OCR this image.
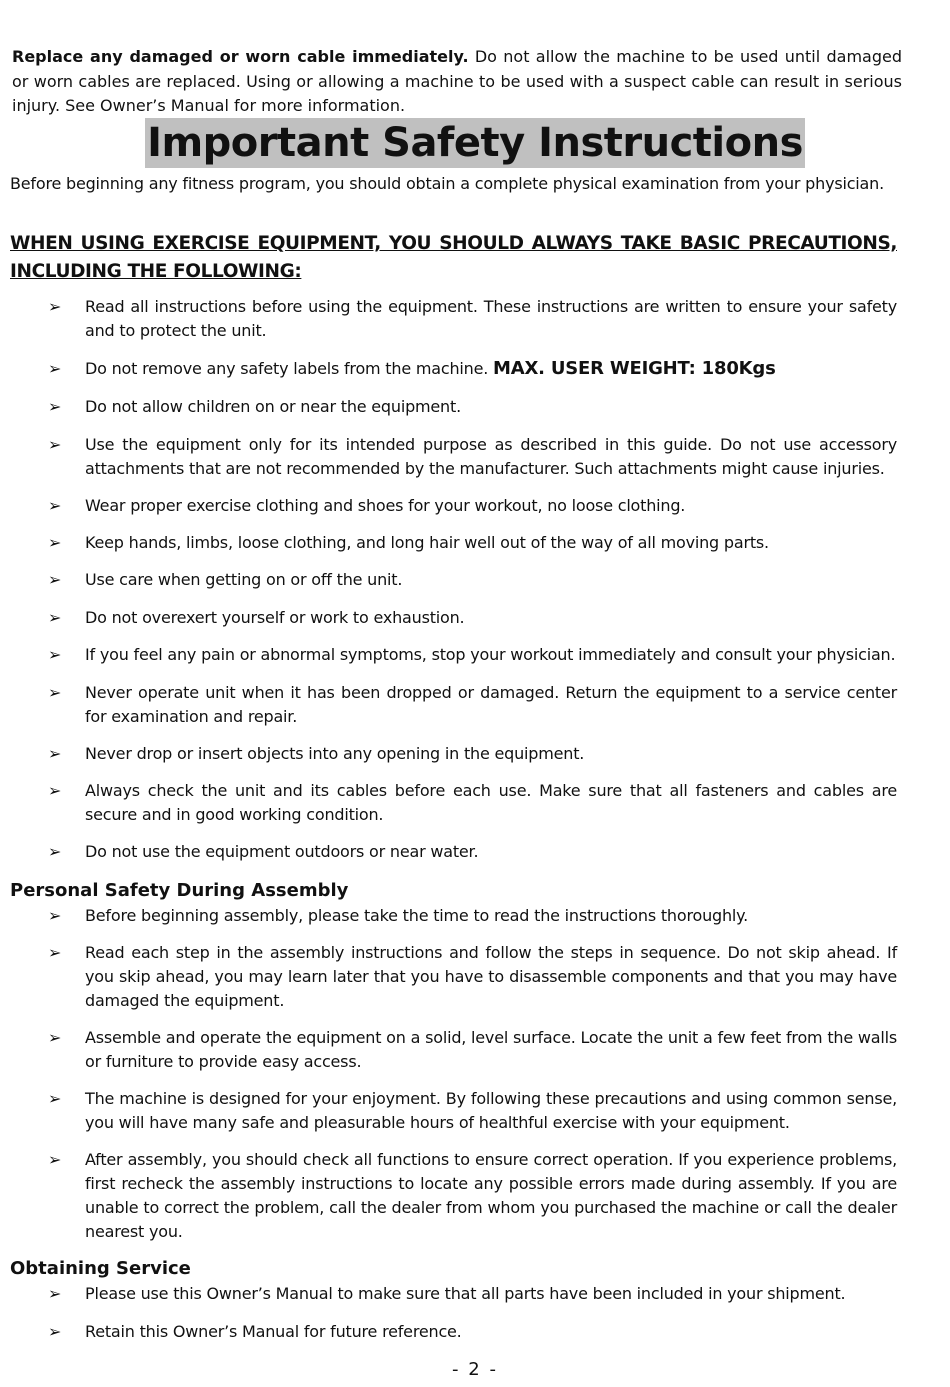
Replace any damaged or worn cable immediately. Do not allow the machine to be used until damaged or worn cables are replaced. Using or allowing a machine to be used with a suspect cable can result in serious injury. See Owner’s Manual for more information.
Important Safety Instructions
Before beginning any fitness program, you should obtain a complete physical examination from your physician.
WHEN USING EXERCISE EQUIPMENT, YOU SHOULD ALWAYS TAKE BASIC PRECAUTIONS, INCLUDING THE FOLLOWING:
➢ Read all instructions before using the equipment. These instructions are written to ensure your safety and to protect the unit.
➢ Do not remove any safety labels from the machine. MAX. USER WEIGHT: 180Kgs
➢ Do not allow children on or near the equipment.
➢ Use the equipment only for its intended purpose as described in this guide. Do not use accessory attachments that are not recommended by the manufacturer. Such attachments might cause injuries.
➢ Wear proper exercise clothing and shoes for your workout, no loose clothing.
➢ Keep hands, limbs, loose clothing, and long hair well out of the way of all moving parts.
➢ Use care when getting on or off the unit.
➢ Do not overexert yourself or work to exhaustion.
➢ If you feel any pain or abnormal symptoms, stop your workout immediately and consult your physician.
➢ Never operate unit when it has been dropped or damaged. Return the equipment to a service center for examination and repair.
➢ Never drop or insert objects into any opening in the equipment.
➢ Always check the unit and its cables before each use. Make sure that all fasteners and cables are secure and in good working condition.
➢ Do not use the equipment outdoors or near water.
Personal Safety During Assembly
➢ Before beginning assembly, please take the time to read the instructions thoroughly.
➢ Read each step in the assembly instructions and follow the steps in sequence. Do not skip ahead. If you skip ahead, you may learn later that you have to disassemble components and that you may have damaged the equipment.
➢ Assemble and operate the equipment on a solid, level surface. Locate the unit a few feet from the walls or furniture to provide easy access.
➢ The machine is designed for your enjoyment. By following these precautions and using common sense, you will have many safe and pleasurable hours of healthful exercise with your equipment.
➢ After assembly, you should check all functions to ensure correct operation. If you experience problems, first recheck the assembly instructions to locate any possible errors made during assembly. If you are unable to correct the problem, call the dealer from whom you purchased the machine or call the dealer nearest you.
Obtaining Service
➢ Please use this Owner’s Manual to make sure that all parts have been included in your shipment.
➢ Retain this Owner’s Manual for future reference.
- 2 -
